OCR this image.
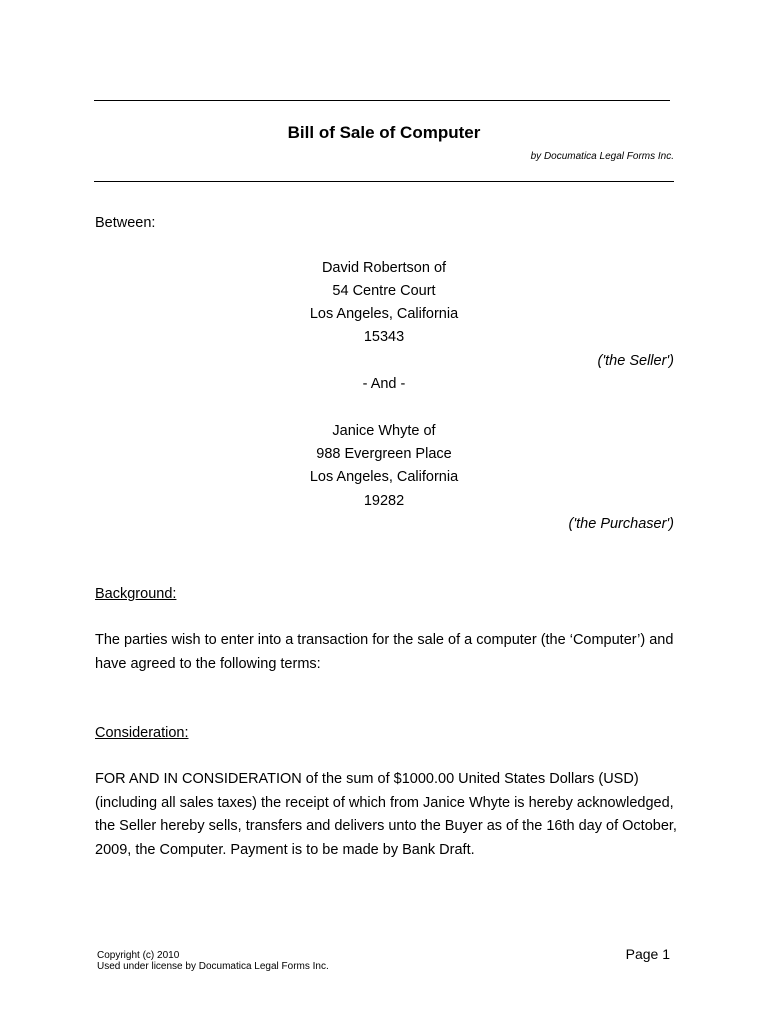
Bill of Sale of Computer
by Documatica Legal Forms Inc.
Between:
David Robertson of
54 Centre Court
Los Angeles, California
15343
('the Seller')
- And -
Janice Whyte of
988 Evergreen Place
Los Angeles, California
19282
('the Purchaser')
Background:
The parties wish to enter into a transaction for the sale of a computer (the ‘Computer’) and have agreed to the following terms:
Consideration:
FOR AND IN CONSIDERATION of the sum of $1000.00 United States Dollars (USD) (including all sales taxes) the receipt of which from Janice Whyte is hereby acknowledged, the Seller hereby sells, transfers and delivers unto the Buyer as of the 16th day of October, 2009, the Computer. Payment is to be made by Bank Draft.
Copyright (c) 2010
Used under license by Documatica Legal Forms Inc.
Page 1
